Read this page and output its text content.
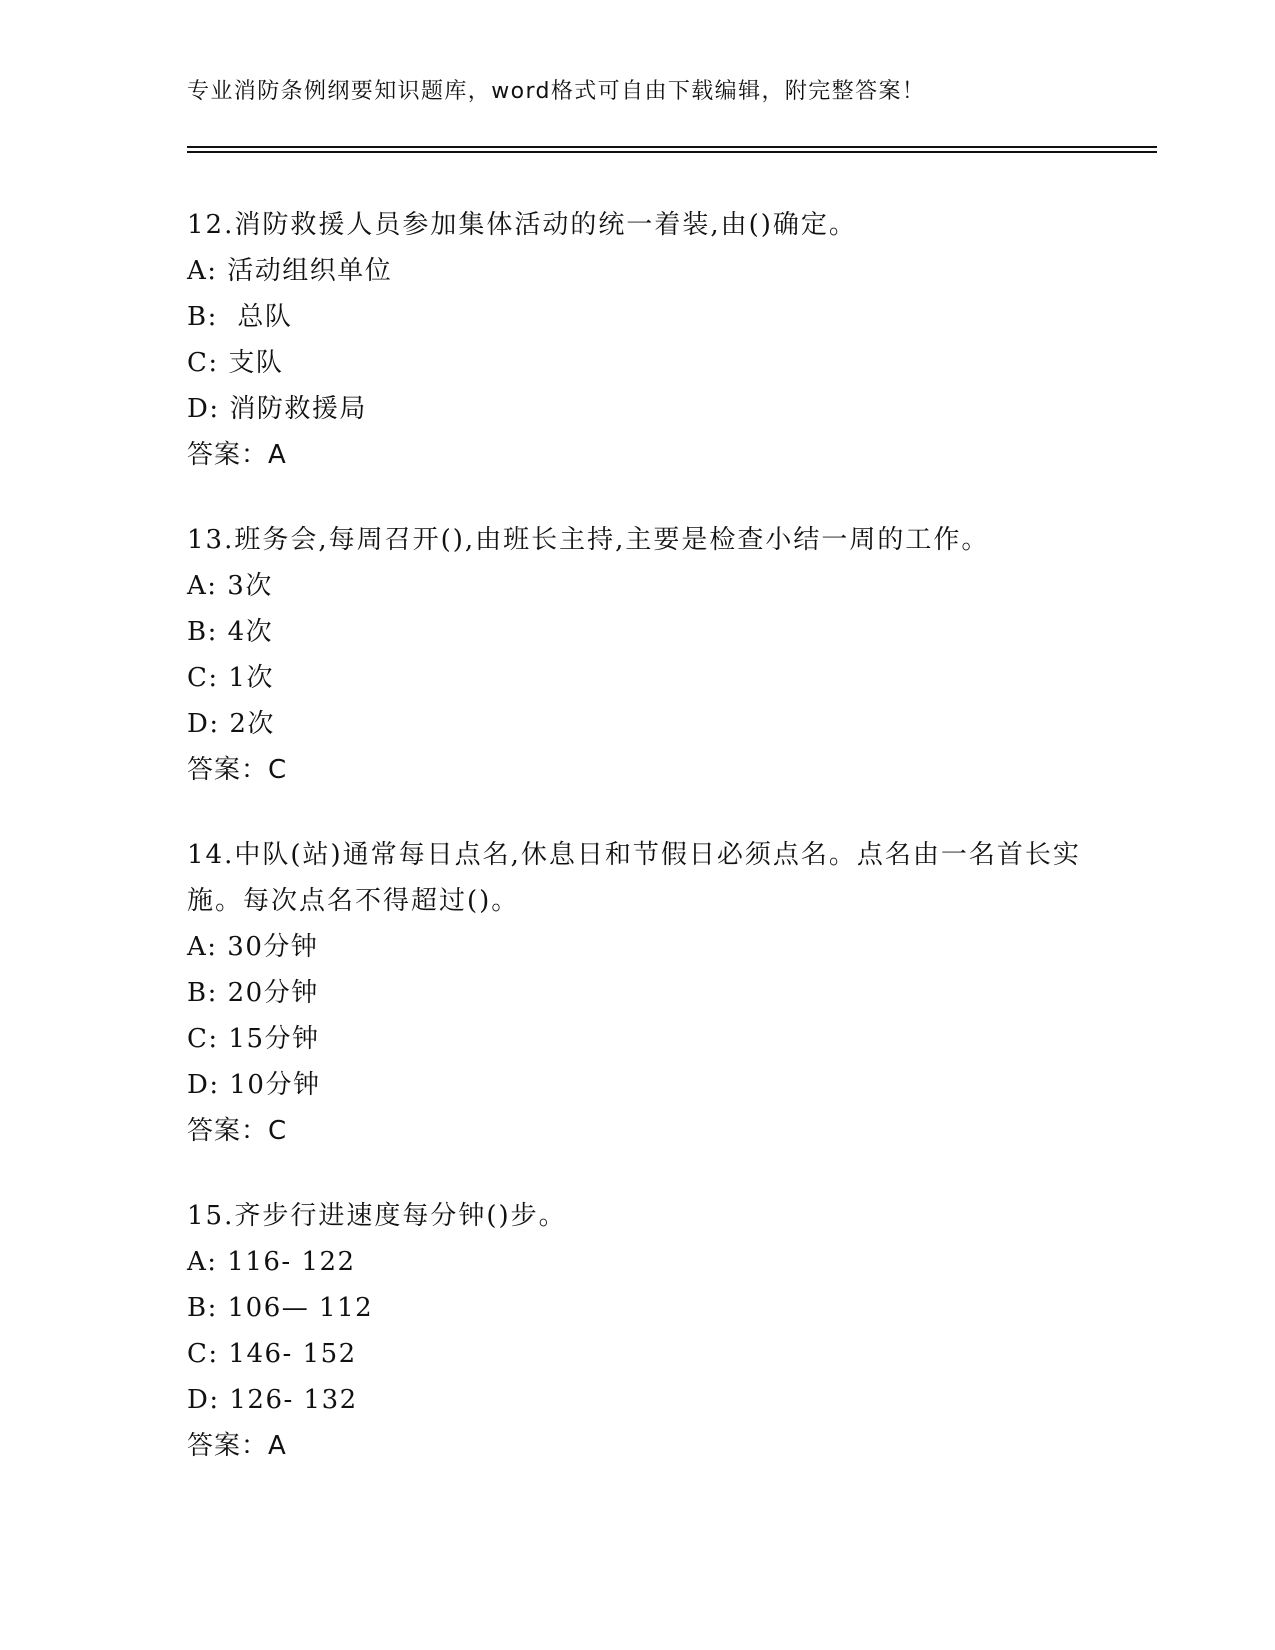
专业消防条例纲要知识题库，word格式可自由下载编辑，附完整答案！
12.消防救援人员参加集体活动的统一着装,由()确定。
A: 活动组织单位
B:  总队
C: 支队
D: 消防救援局
答案：A
13.班务会,每周召开(),由班长主持,主要是检查小结一周的工作。
A: 3次
B: 4次
C: 1次
D: 2次
答案：C
14.中队(站)通常每日点名,休息日和节假日必须点名。点名由一名首长实施。每次点名不得超过()。
A: 30分钟
B: 20分钟
C: 15分钟
D: 10分钟
答案：C
15.齐步行进速度每分钟()步。
A: 116- 122
B: 106— 112
C: 146- 152
D: 126- 132
答案：A
